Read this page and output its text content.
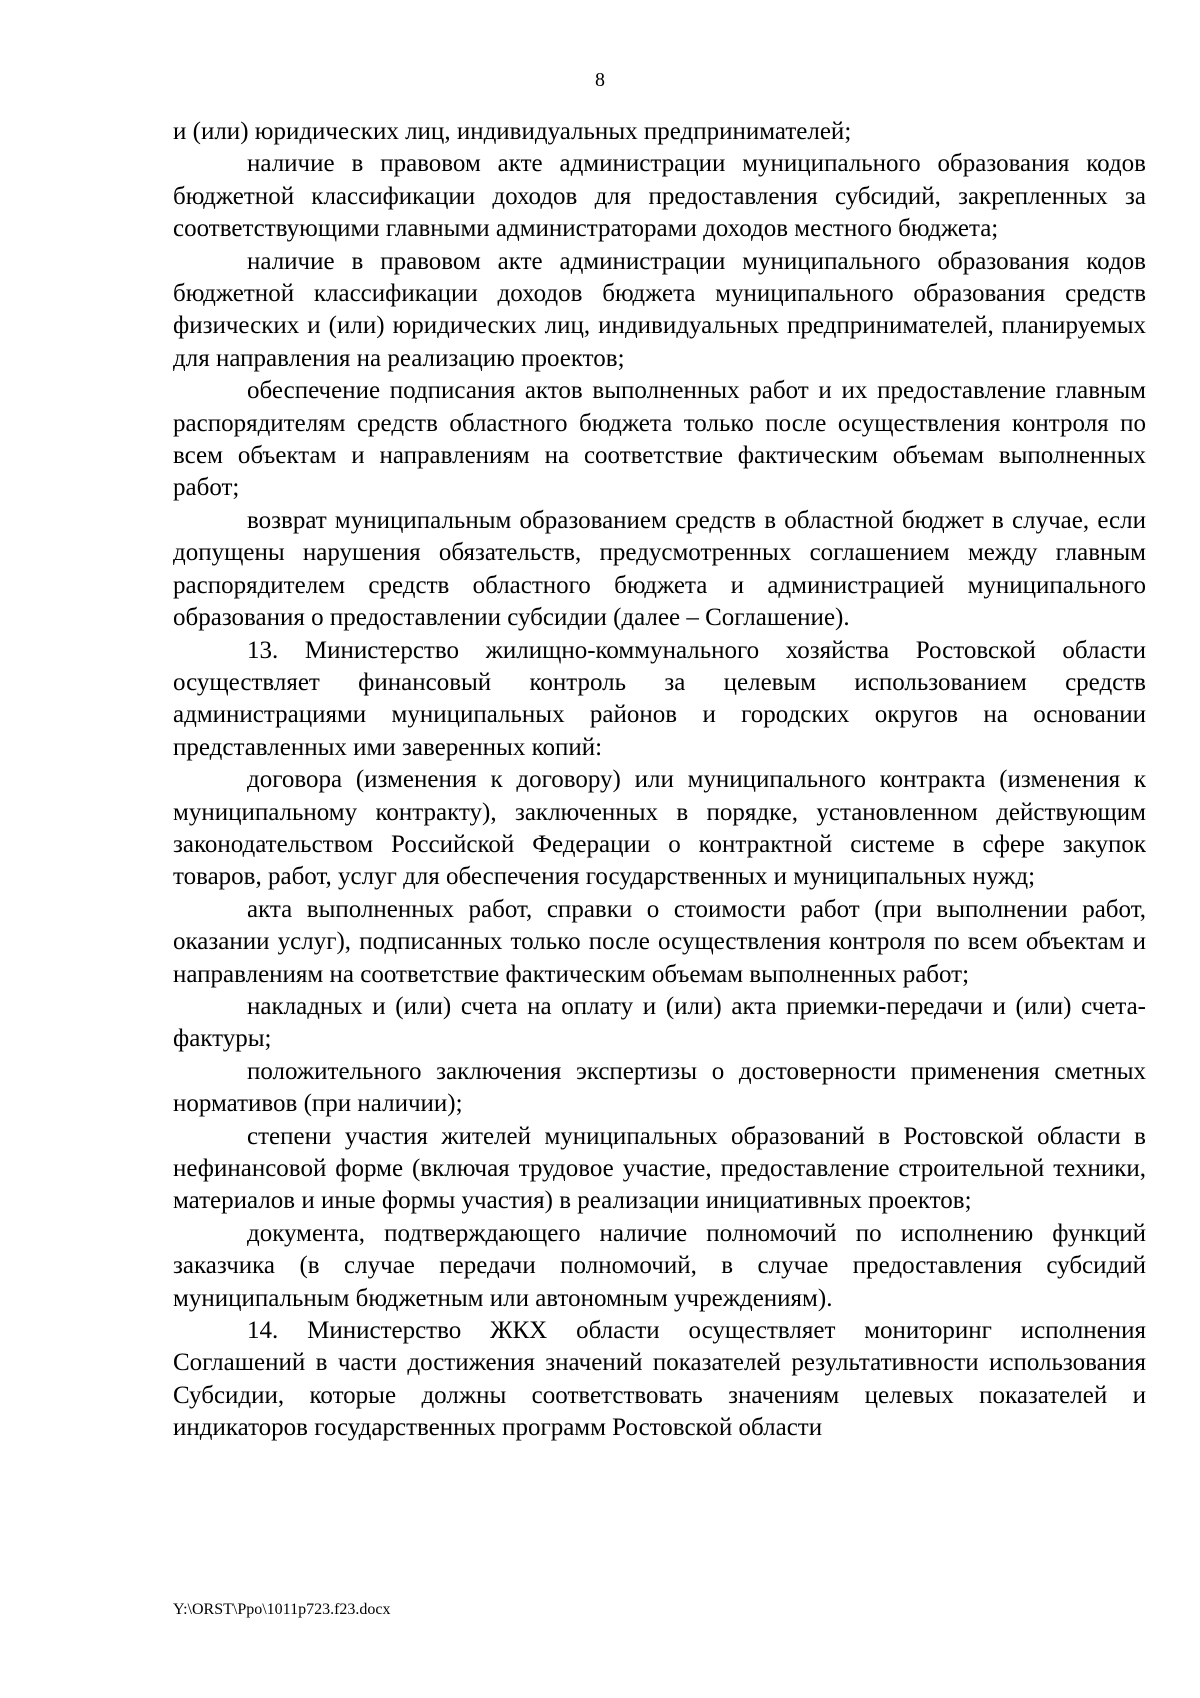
8

и (или) юридических лиц, индивидуальных предпринимателей;

наличие в правовом акте администрации муниципального образования кодов бюджетной классификации доходов для предоставления субсидий, закрепленных за соответствующими главными администраторами доходов местного бюджета;

наличие в правовом акте администрации муниципального образования кодов бюджетной классификации доходов бюджета муниципального образования средств физических и (или) юридических лиц, индивидуальных предпринимателей, планируемых для направления на реализацию проектов;

обеспечение подписания актов выполненных работ и их предоставление главным распорядителям средств областного бюджета только после осуществления контроля по всем объектам и направлениям на соответствие фактическим объемам выполненных работ;

возврат муниципальным образованием средств в областной бюджет в случае, если допущены нарушения обязательств, предусмотренных соглашением между главным распорядителем средств областного бюджета и администрацией муниципального образования о предоставлении субсидии (далее – Соглашение).

13. Министерство жилищно-коммунального хозяйства Ростовской области осуществляет финансовый контроль за целевым использованием средств администрациями муниципальных районов и городских округов на основании представленных ими заверенных копий:

договора (изменения к договору) или муниципального контракта (изменения к муниципальному контракту), заключенных в порядке, установленном действующим законодательством Российской Федерации о контрактной системе в сфере закупок товаров, работ, услуг для обеспечения государственных и муниципальных нужд;

акта выполненных работ, справки о стоимости работ (при выполнении работ, оказании услуг), подписанных только после осуществления контроля по всем объектам и направлениям на соответствие фактическим объемам выполненных работ;

накладных и (или) счета на оплату и (или) акта приемки-передачи и (или) счета-фактуры;

положительного заключения экспертизы о достоверности применения сметных нормативов (при наличии);

степени участия жителей муниципальных образований в Ростовской области в нефинансовой форме (включая трудовое участие, предоставление строительной техники, материалов и иные формы участия) в реализации инициативных проектов;

документа, подтверждающего наличие полномочий по исполнению функций заказчика (в случае передачи полномочий, в случае предоставления субсидий муниципальным бюджетным или автономным учреждениям).

14. Министерство ЖКХ области осуществляет мониторинг исполнения Соглашений в части достижения значений показателей результативности использования Субсидии, которые должны соответствовать значениям целевых показателей и индикаторов государственных программ Ростовской области

Y:\ORST\Ppo\1011p723.f23.docx
